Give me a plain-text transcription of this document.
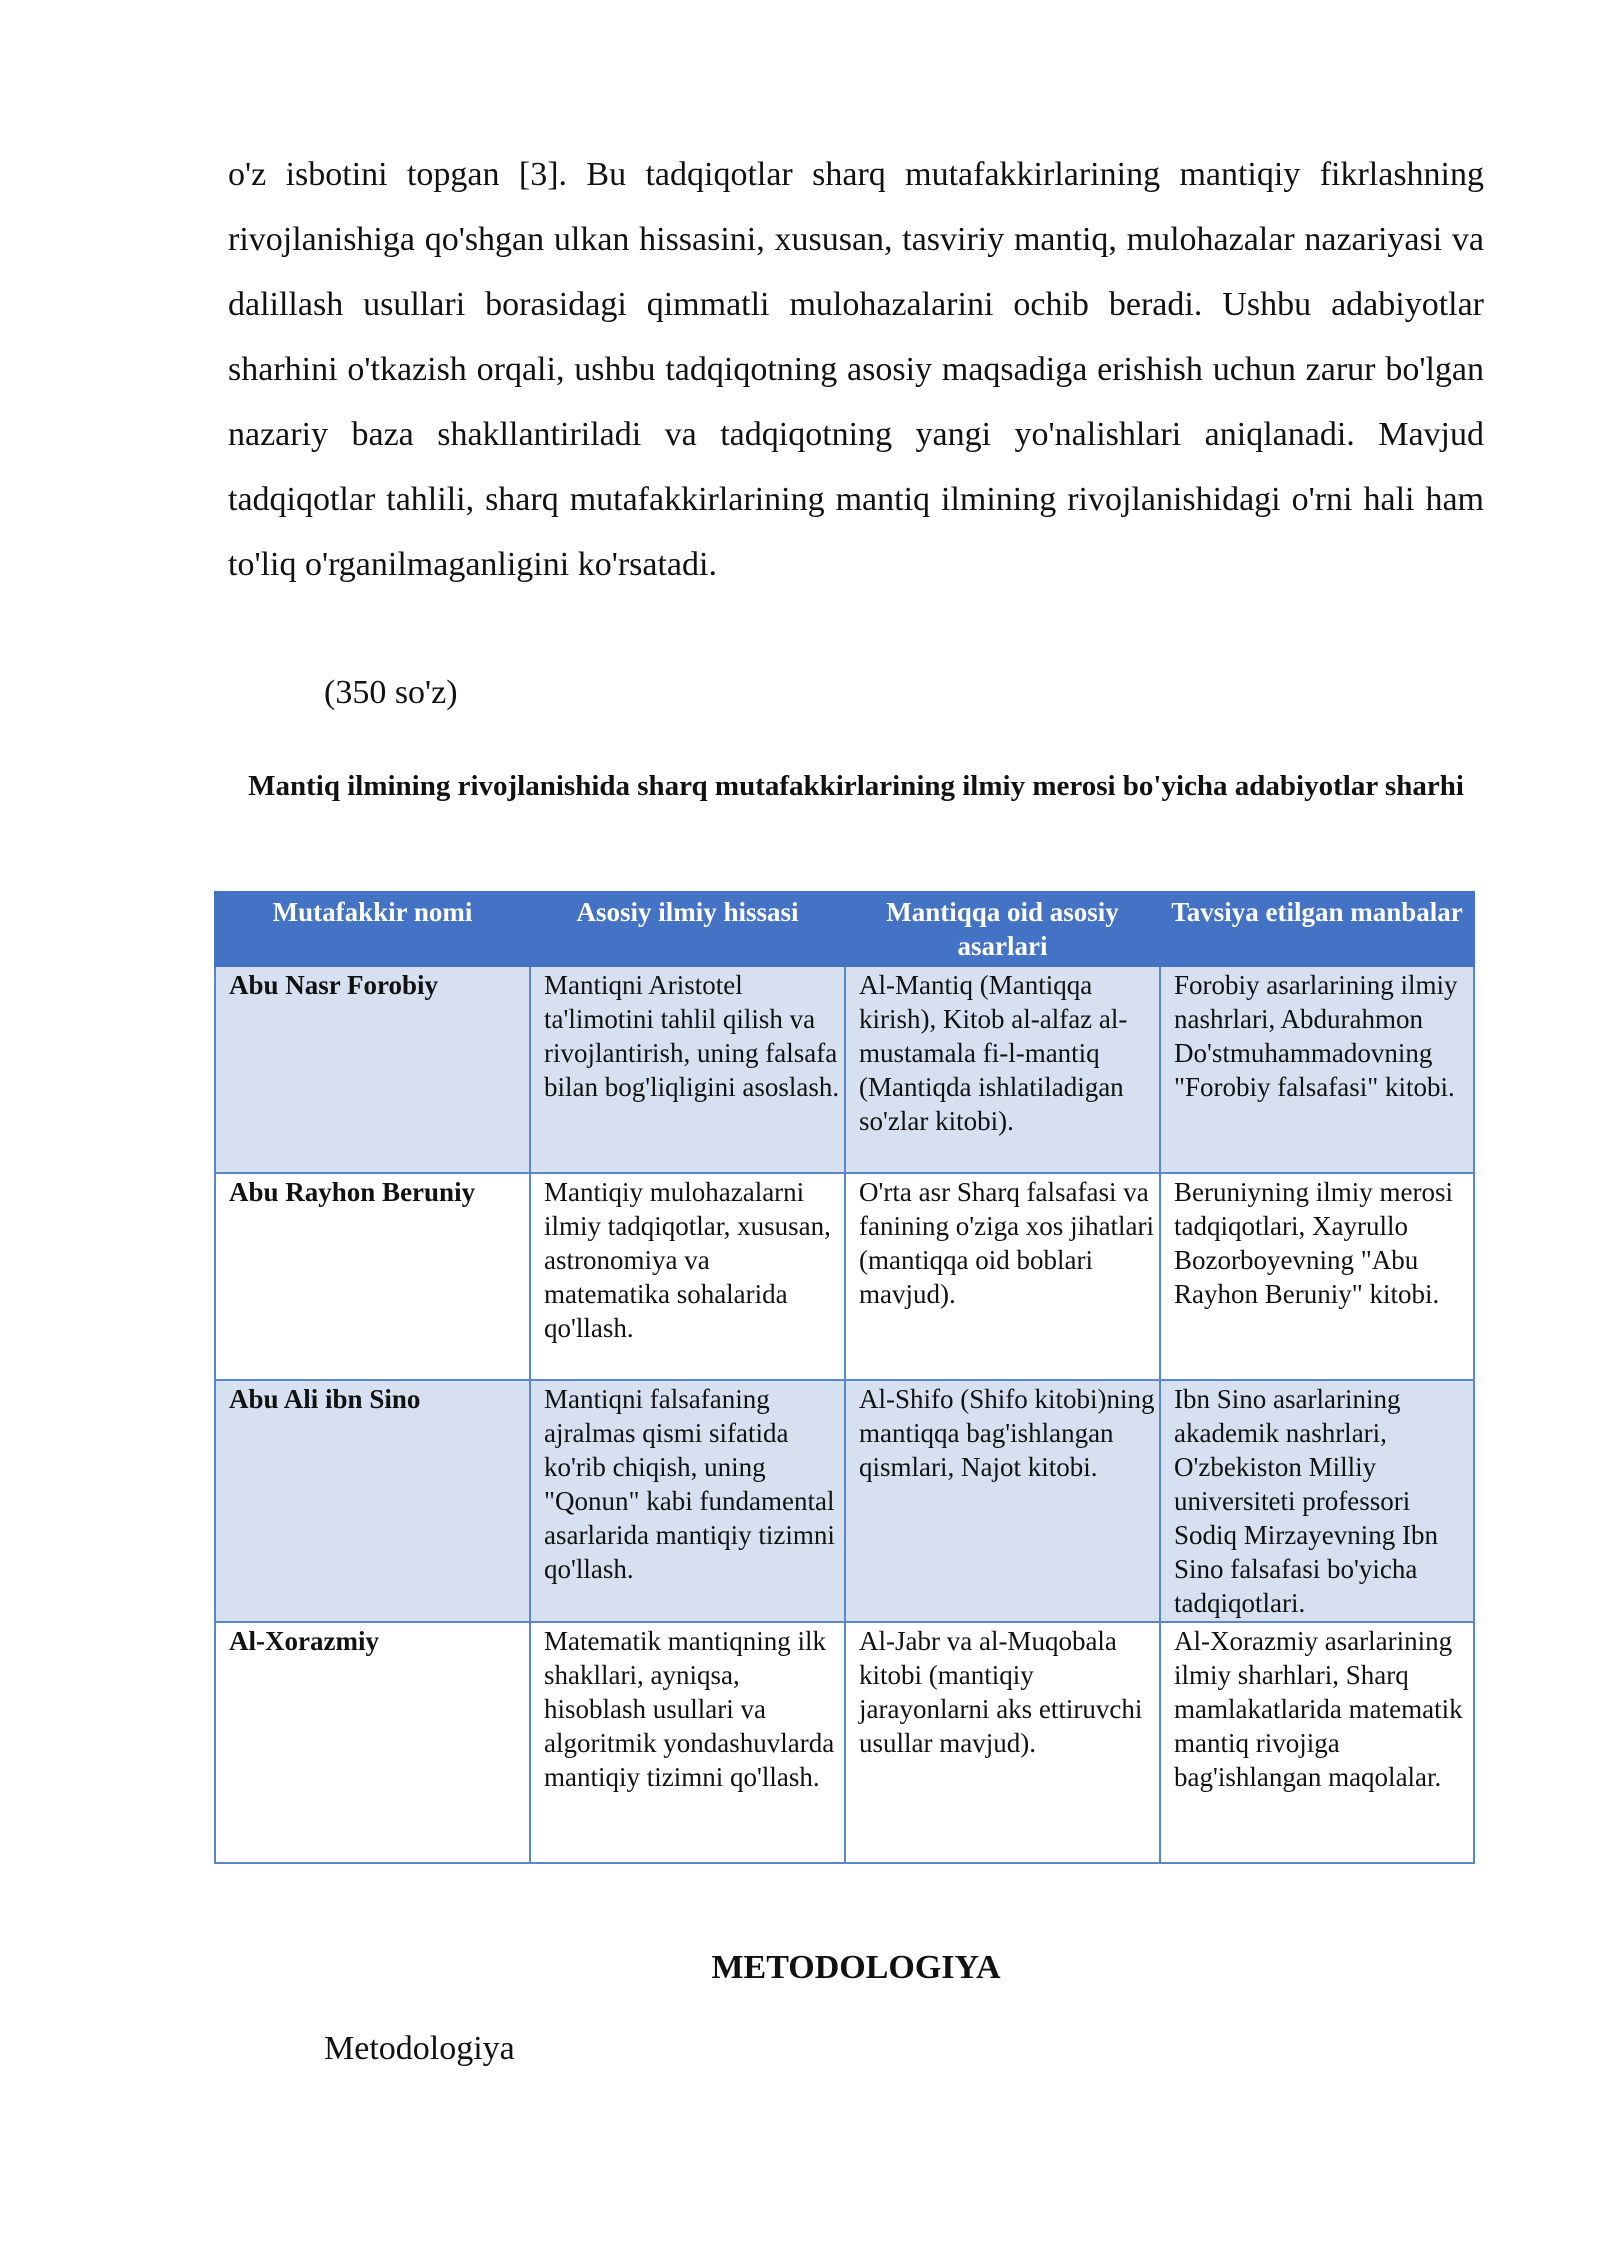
o'z isbotini topgan [3]. Bu tadqiqotlar sharq mutafakkirlarining mantiqiy fikrlashning rivojlanishiga qo'shgan ulkan hissasini, xususan, tasviriy mantiq, mulohazalar nazariyasi va dalillash usullari borasidagi qimmatli mulohazalarini ochib beradi. Ushbu adabiyotlar sharhini o'tkazish orqali, ushbu tadqiqotning asosiy maqsadiga erishish uchun zarur bo'lgan nazariy baza shakllantiriladi va tadqiqotning yangi yo'nalishlari aniqlanadi. Mavjud tadqiqotlar tahlili, sharq mutafakkirlarining mantiq ilmining rivojlanishidagi o'rni hali ham to'liq o'rganilmaganligini ko'rsatadi.

(350 so'z)

Mantiq ilmining rivojlanishida sharq mutafakkirlarining ilmiy merosi bo'yicha adabiyotlar sharhi

Mutafakkir nomi	Asosiy ilmiy hissasi	Mantiqqa oid asosiy asarlari	Tavsiya etilgan manbalar
Abu Nasr Forobiy	Mantiqni Aristotel ta'limotini tahlil qilish va rivojlantirish, uning falsafa bilan bog'liqligini asoslash.	Al-Mantiq (Mantiqqa kirish), Kitob al-alfaz al-mustamala fi-l-mantiq (Mantiqda ishlatiladigan so'zlar kitobi).	Forobiy asarlarining ilmiy nashrlari, Abdurahmon Do'stmuhammadovning "Forobiy falsafasi" kitobi.
Abu Rayhon Beruniy	Mantiqiy mulohazalarni ilmiy tadqiqotlar, xususan, astronomiya va matematika sohalarida qo'llash.	O'rta asr Sharq falsafasi va fanining o'ziga xos jihatlari (mantiqqa oid boblari mavjud).	Beruniyning ilmiy merosi tadqiqotlari, Xayrullo Bozorboyevning "Abu Rayhon Beruniy" kitobi.
Abu Ali ibn Sino	Mantiqni falsafaning ajralmas qismi sifatida ko'rib chiqish, uning "Qonun" kabi fundamental asarlarida mantiqiy tizimni qo'llash.	Al-Shifo (Shifo kitobi)ning mantiqqa bag'ishlangan qismlari, Najot kitobi.	Ibn Sino asarlarining akademik nashrlari, O'zbekiston Milliy universiteti professori Sodiq Mirzayevning Ibn Sino falsafasi bo'yicha tadqiqotlari.
Al-Xorazmiy	Matematik mantiqning ilk shakllari, ayniqsa, hisoblash usullari va algoritmik yondashuvlarda mantiqiy tizimni qo'llash.	Al-Jabr va al-Muqobala kitobi (mantiqiy jarayonlarni aks ettiruvchi usullar mavjud).	Al-Xorazmiy asarlarining ilmiy sharhlari, Sharq mamlakatlarida matematik mantiq rivojiga bag'ishlangan maqolalar.

METODOLOGIYA

Metodologiya
